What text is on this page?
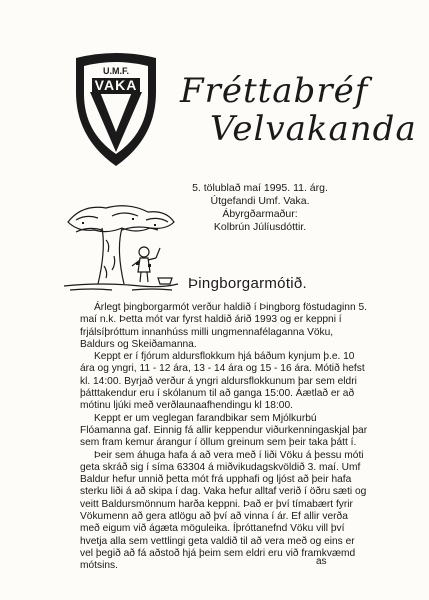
U.M.F.
VAKA Fréttabréf
Velvakanda
5. tölublað maí 1995. 11. árg.
Útgefandi Umf. Vaka.
Ábyrgðarmaður:
Kolbrún Júlíusdóttir.
Þingborgarmótið.

Árlegt þingborgarmót verður haldið í Þingborg föstudaginn 5. maí n.k. Þetta mót var fyrst haldið árið 1993 og er keppni í frjálsíþróttum innanhúss milli ungmennafélaganna Vöku, Baldurs og Skeiðamanna.

Keppt er í fjórum aldursflokkum hjá báðum kynjum þ.e. 10 ára og yngri, 11 - 12 ára, 13 - 14 ára og 15 - 16 ára. Mótið hefst kl. 14:00. Byrjað verður á yngri aldursflokkunum þar sem eldri þátttakendur eru í skólanum til að ganga 15:00. Áætlað er að mótinu ljúki með verðlaunaafhendingu kl 18:00.

Keppt er um veglegan farandbikar sem Mjólkurbú Flóamanna gaf. Einnig fá allir keppendur viðurkenningaskjal þar sem fram kemur árangur í öllum greinum sem þeir taka þátt í.

Þeir sem áhuga hafa á að vera með í liði Vöku á þessu móti geta skráð sig í síma 63304 á miðvikudagskvöldið 3. maí. Umf Baldur hefur unnið þetta mót frá upphafi og ljóst að þeir hafa sterku liði á að skipa í dag. Vaka hefur alltaf verið í öðru sæti og veitt Baldursmönnum harða keppni. Það er því tímabært fyrir Vökumenn að gera atlögu að því að vinna í ár. Ef allir verða með eigum við ágæta möguleika. Íþróttanefnd Vöku vill því hvetja alla sem vettlingi geta valdið til að vera með og eins er vel þegið að fá aðstoð hjá þeim sem eldri eru við framkvæmd mótsins.	as
